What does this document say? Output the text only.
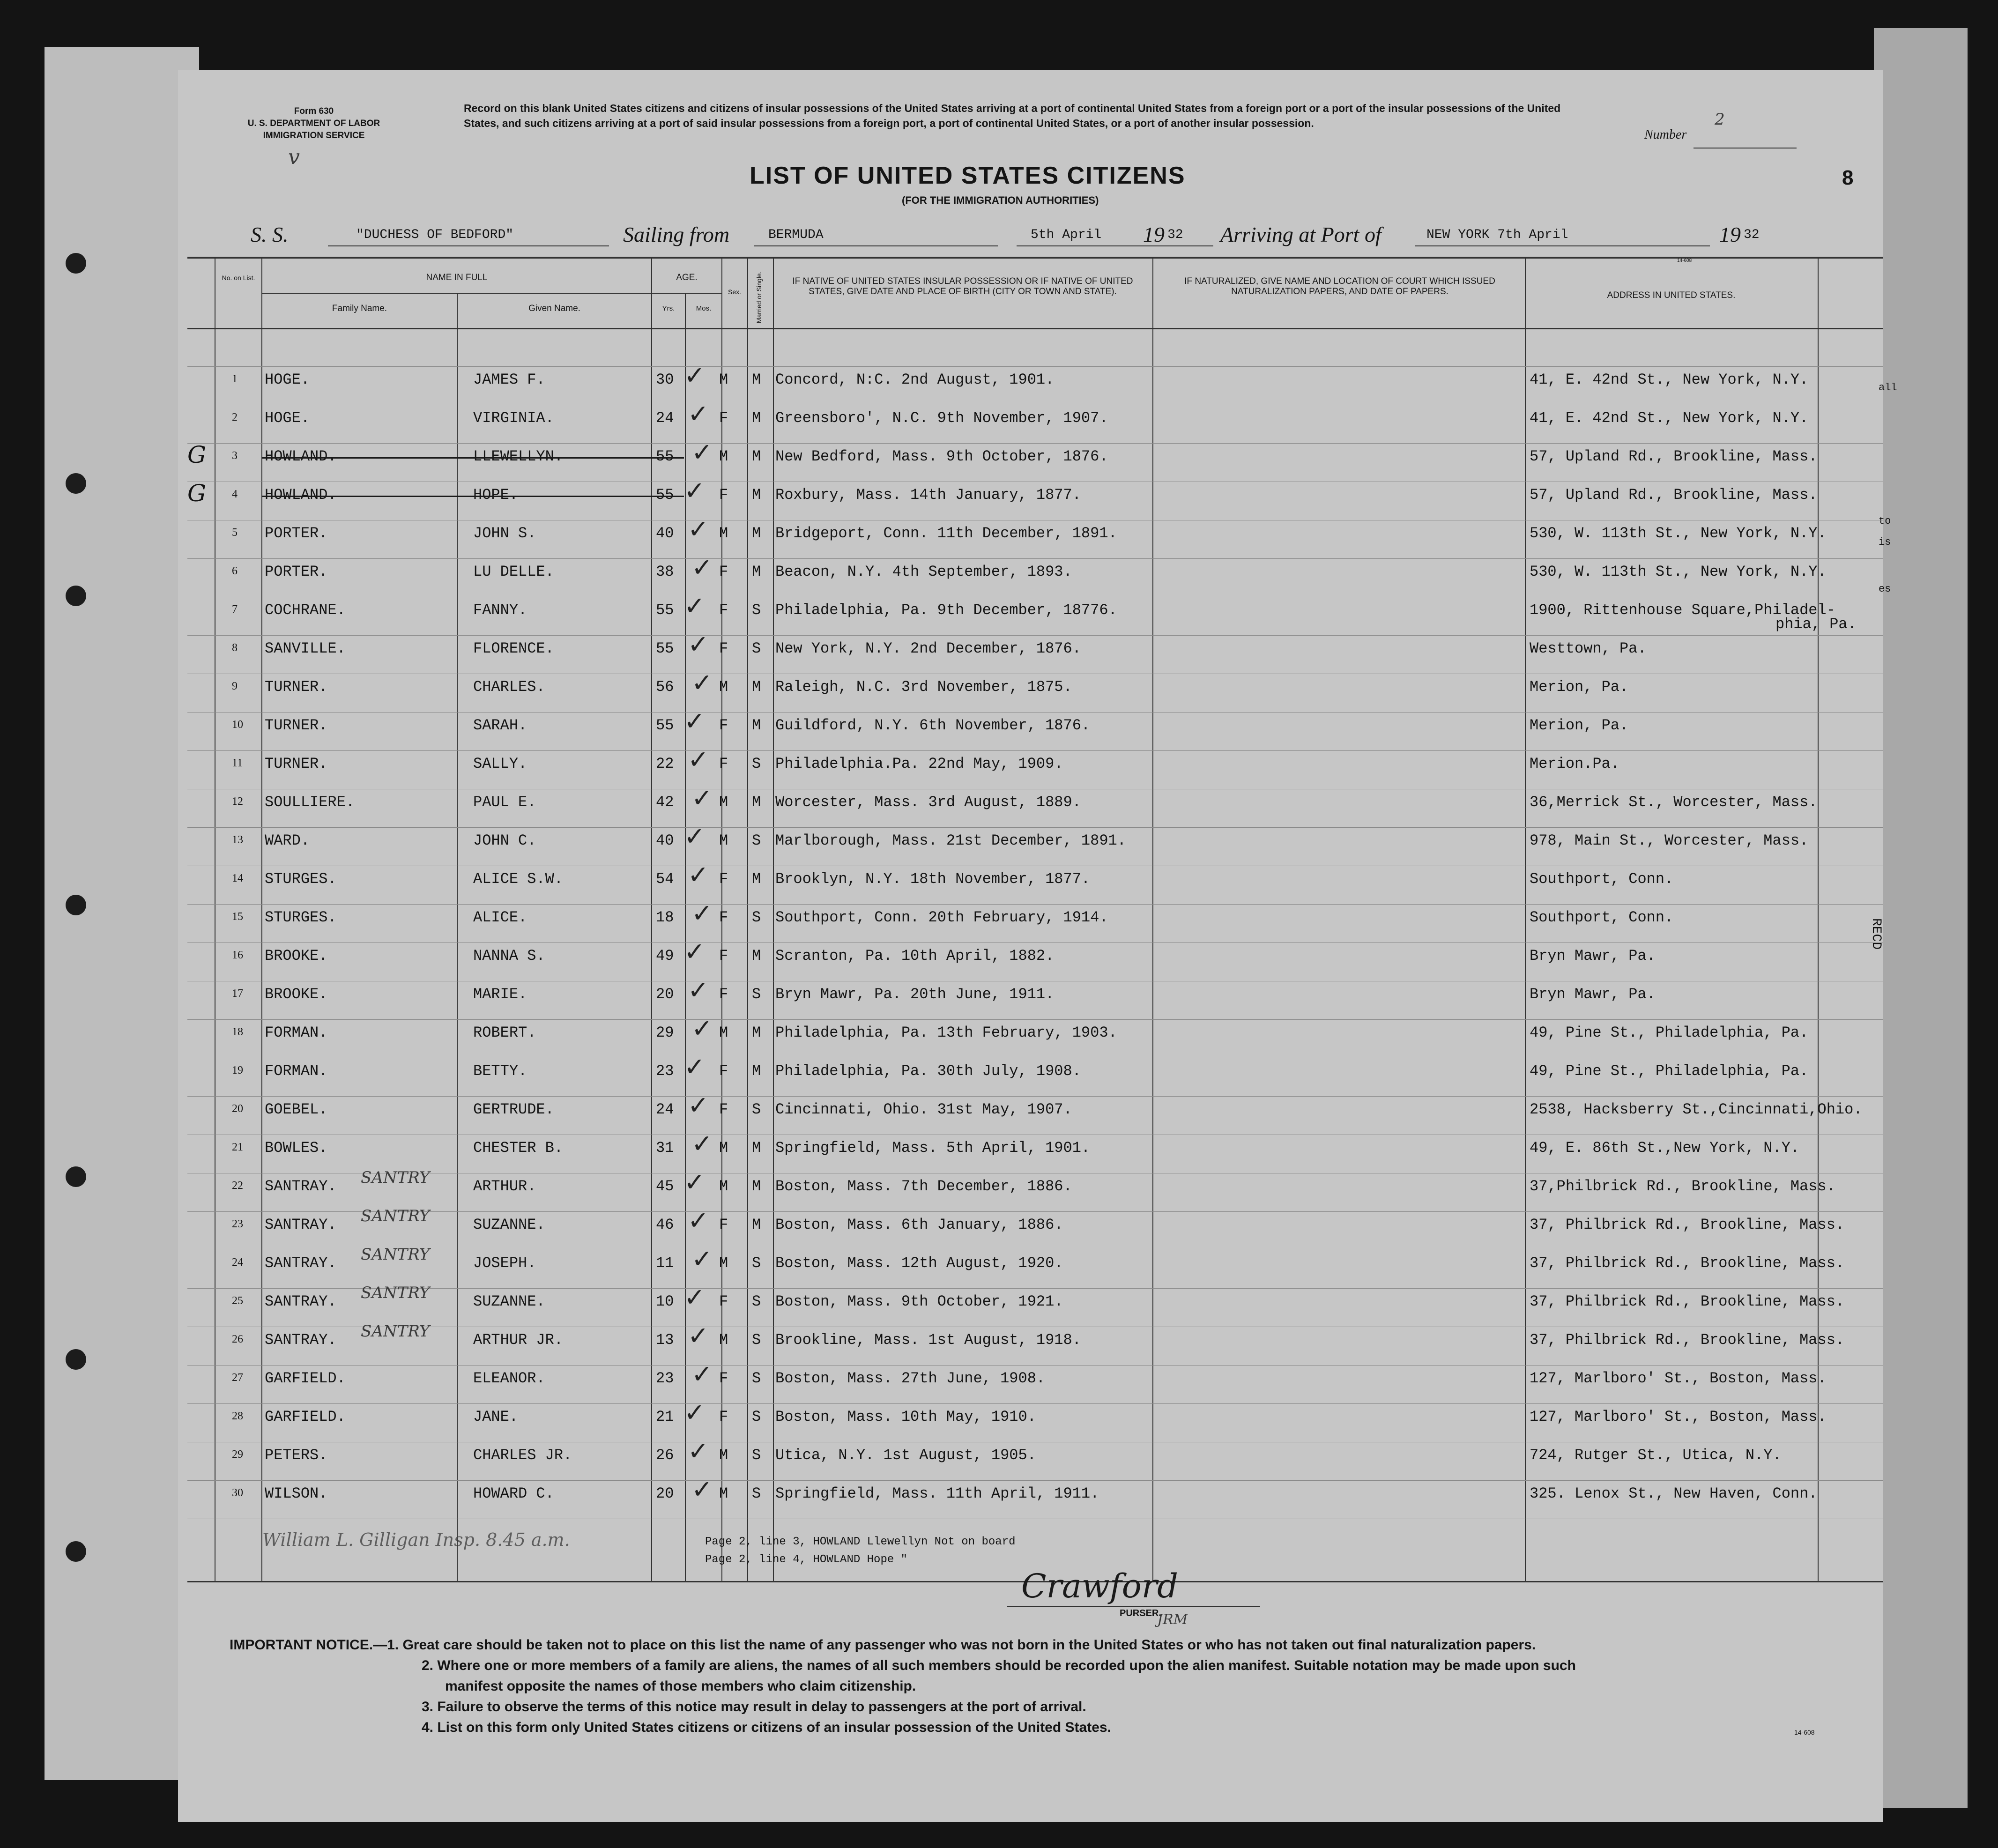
all
to
is
es
RECD
Form 630
U. S. DEPARTMENT OF LABOR
IMMIGRATION SERVICE
v
Record on this blank United States citizens and citizens of insular possessions of the United States arriving at a port of continental United States from a foreign port or a port of the insular possessions of the United States, and such citizens arriving at a port of said insular possessions from a foreign port, a port of continental United States, or a port of another insular possession.
Number
2
8
LIST OF UNITED STATES CITIZENS
(FOR THE IMMIGRATION AUTHORITIES)
S. S.	"DUCHESS OF BEDFORD"	Sailing from	BERMUDA	5th April 19 32 Arriving at Port of	NEW YORK 7th April	19 32
No. on List.	NAME IN FULL
Family Name.	Given Name.
AGE.
Yrs.	Mos.
Sex.	Married or Single.	IF NATIVE OF UNITED STATES INSULAR POSSESSION OR IF NATIVE OF UNITED STATES, GIVE DATE AND PLACE OF BIRTH (CITY OR TOWN AND STATE).
IF NATURALIZED, GIVE NAME AND LOCATION OF COURT WHICH ISSUED NATURALIZATION PAPERS, AND DATE OF PAPERS.	ADDRESS IN UNITED STATES.
14-608
1 HOGE.	JAMES F.	30	M M Concord, N:C. 2nd August, 1901.	41, E. 42nd St., New York, N.Y.
✓
2 HOGE.	VIRGINIA.	24	F M Greensboro', N.C. 9th November, 1907.	41, E. 42nd St., New York, N.Y.
✓
3 HOWLAND.	LLEWELLYN.	55	M M New Bedford, Mass. 9th October, 1876.	57, Upland Rd., Brookline, Mass.
✓
G
4 HOWLAND.	HOPE.	55	F M Roxbury, Mass. 14th January, 1877.	57, Upland Rd., Brookline, Mass.
✓
G
5 PORTER.	JOHN S.	40	M M Bridgeport, Conn. 11th December, 1891.	530, W. 113th St., New York, N.Y.
✓
6 PORTER.	LU DELLE.	38	F M Beacon, N.Y. 4th September, 1893.	530, W. 113th St., New York, N.Y.
✓
7 COCHRANE.	FANNY.	55	F S Philadelphia, Pa. 9th December, 18776.	1900, Rittenhouse Square,Philadel-
phia, Pa.
✓
8 SANVILLE.	FLORENCE.	55	F S New York, N.Y. 2nd December, 1876.	Westtown, Pa.
✓
9 TURNER.	CHARLES.	56	M M Raleigh, N.C. 3rd November, 1875.	Merion, Pa.
✓
10 TURNER.	SARAH.	55	F M Guildford, N.Y. 6th November, 1876.	Merion, Pa.
✓
11 TURNER.	SALLY.	22	F S Philadelphia.Pa. 22nd May, 1909.	Merion.Pa.
✓
12 SOULLIERE.	PAUL E.	42	M M Worcester, Mass. 3rd August, 1889.	36,Merrick St., Worcester, Mass.
✓
13 WARD.	JOHN C.	40	M S Marlborough, Mass. 21st December, 1891.	978, Main St., Worcester, Mass.
✓
14 STURGES.	ALICE S.W.	54	F M Brooklyn, N.Y. 18th November, 1877.	Southport, Conn.
✓
15 STURGES.	ALICE.	18	F S Southport, Conn. 20th February, 1914.	Southport, Conn.
✓
16 BROOKE.	NANNA S.	49	F M Scranton, Pa. 10th April, 1882.	Bryn Mawr, Pa.
✓
17 BROOKE.	MARIE.	20	F S Bryn Mawr, Pa. 20th June, 1911.	Bryn Mawr, Pa.
✓
18 FORMAN.	ROBERT.	29	M M Philadelphia, Pa. 13th February, 1903.	49, Pine St., Philadelphia, Pa.
✓
19 FORMAN.	BETTY.	23	F M Philadelphia, Pa. 30th July, 1908.	49, Pine St., Philadelphia, Pa.
✓
20 GOEBEL.	GERTRUDE.	24	F S Cincinnati, Ohio. 31st May, 1907.	2538, Hacksberry St.,Cincinnati,Ohio.
✓
21 BOWLES.	CHESTER B.	31	M M Springfield, Mass. 5th April, 1901.	49, E. 86th St.,New York, N.Y.
✓
22 SANTRAY.	ARTHUR.	45	M M Boston, Mass. 7th December, 1886.	37,Philbrick Rd., Brookline, Mass.
SANTRY	✓
23 SANTRAY.	SUZANNE.	46	F M Boston, Mass. 6th January, 1886.	37, Philbrick Rd., Brookline, Mass.
SANTRY	✓
24 SANTRAY.	JOSEPH.	11	M S Boston, Mass. 12th August, 1920.	37, Philbrick Rd., Brookline, Mass.
SANTRY	✓
25 SANTRAY.	SUZANNE.	10	F S Boston, Mass. 9th October, 1921.	37, Philbrick Rd., Brookline, Mass.
SANTRY	✓
26 SANTRAY.	ARTHUR JR.	13	M S Brookline, Mass. 1st August, 1918.	37, Philbrick Rd., Brookline, Mass.
SANTRY	✓
27 GARFIELD.	ELEANOR.	23	F S Boston, Mass. 27th June, 1908.	127, Marlboro' St., Boston, Mass.
✓
28 GARFIELD.	JANE.	21	F S Boston, Mass. 10th May, 1910.	127, Marlboro' St., Boston, Mass.
✓
29 PETERS.	CHARLES JR.	26	M S Utica, N.Y. 1st August, 1905.	724, Rutger St., Utica, N.Y.
✓
30 WILSON.	HOWARD C.	20	M S Springfield, Mass. 11th April, 1911.	325. Lenox St., New Haven, Conn.
✓
William L. Gilligan Insp. 8.45 a.m.	Page 2, line 3, HOWLAND Llewellyn Not on board
Page 2, line 4, HOWLAND Hope "
Crawford
PURSER.
JRM

IMPORTANT NOTICE.—1. Great care should be taken not to place on this list the name of any passenger who was not born in the United States or who has not taken out final naturalization papers.

2. Where one or more members of a family are aliens, the names of all such members should be recorded upon the alien manifest. Suitable notation may be made upon such

manifest opposite the names of those members who claim citizenship.

3. Failure to observe the terms of this notice may result in delay to passengers at the port of arrival.

4. List on this form only United States citizens or citizens of an insular possession of the United States.	14-608
